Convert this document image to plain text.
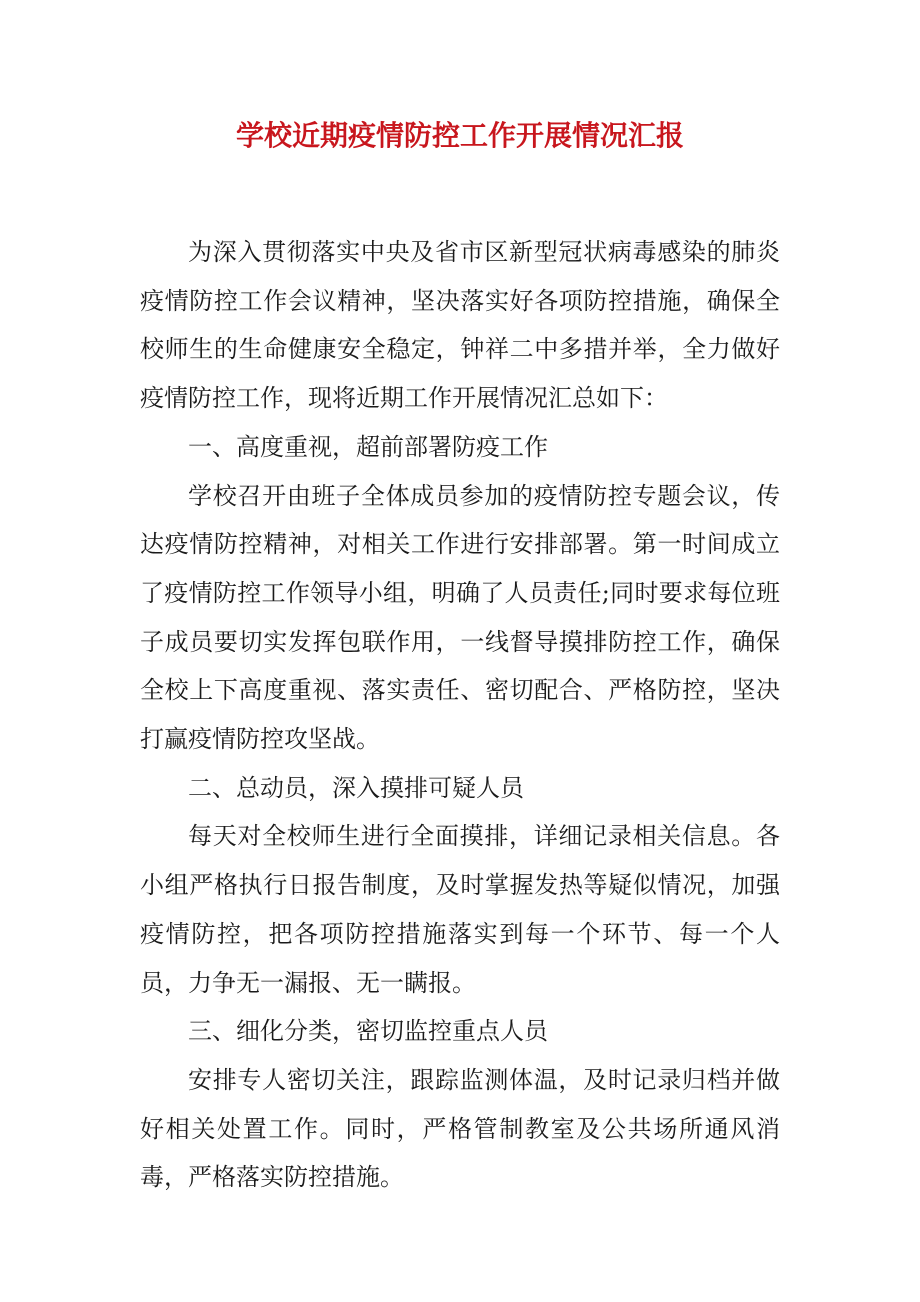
学校近期疫情防控工作开展情况汇报

为深入贯彻落实中央及省市区新型冠状病毒感染的肺炎疫情防控工作会议精神，坚决落实好各项防控措施，确保全校师生的生命健康安全稳定，钟祥二中多措并举，全力做好疫情防控工作，现将近期工作开展情况汇总如下：

一、高度重视，超前部署防疫工作

学校召开由班子全体成员参加的疫情防控专题会议，传达疫情防控精神，对相关工作进行安排部署。第一时间成立了疫情防控工作领导小组，明确了人员责任;同时要求每位班子成员要切实发挥包联作用，一线督导摸排防控工作，确保全校上下高度重视、落实责任、密切配合、严格防控，坚决打赢疫情防控攻坚战。

二、总动员，深入摸排可疑人员

每天对全校师生进行全面摸排，详细记录相关信息。各小组严格执行日报告制度，及时掌握发热等疑似情况，加强疫情防控，把各项防控措施落实到每一个环节、每一个人员，力争无一漏报、无一瞒报。

三、细化分类，密切监控重点人员

安排专人密切关注，跟踪监测体温，及时记录归档并做好相关处置工作。同时，严格管制教室及公共场所通风消毒，严格落实防控措施。
